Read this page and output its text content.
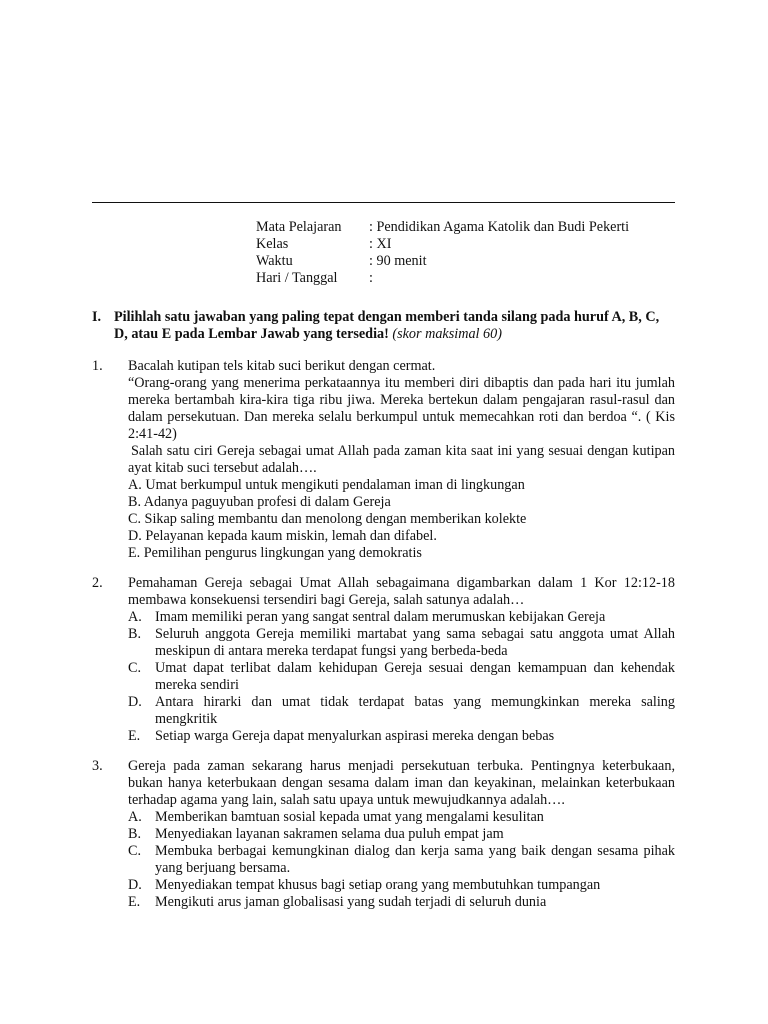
Mata Pelajaran	: Pendidikan Agama Katolik dan Budi Pekerti
Kelas	: XI
Waktu	: 90 menit
Hari / Tanggal	:
I. Pilihlah satu jawaban yang paling tepat dengan memberi tanda silang pada huruf A, B, C, D, atau E pada Lembar Jawab yang tersedia! (skor maksimal 60)
1. Bacalah kutipan tels kitab suci berikut dengan cermat.

“Orang-orang yang menerima perkataannya itu memberi diri dibaptis dan pada hari itu jumlah mereka bertambah kira-kira tiga ribu jiwa. Mereka bertekun dalam pengajaran rasul-rasul dan dalam persekutuan. Dan mereka selalu berkumpul untuk memecahkan roti dan berdoa “. ( Kis 2:41-42)

Salah satu ciri Gereja sebagai umat Allah pada zaman kita saat ini yang sesuai dengan kutipan ayat kitab suci tersebut adalah….

A. Umat berkumpul untuk mengikuti pendalaman iman di lingkungan

B. Adanya paguyuban profesi di dalam Gereja

C. Sikap saling membantu dan menolong dengan memberikan kolekte

D. Pelayanan kepada kaum miskin, lemah dan difabel.

E. Pemilihan pengurus lingkungan yang demokratis

2. Pemahaman Gereja sebagai Umat Allah sebagaimana digambarkan dalam 1 Kor 12:12-18 membawa konsekuensi tersendiri bagi Gereja, salah satunya adalah…

A. Imam memiliki peran yang sangat sentral dalam merumuskan kebijakan Gereja
B. Seluruh anggota Gereja memiliki martabat yang sama sebagai satu anggota umat Allah meskipun di antara mereka terdapat fungsi yang berbeda-beda
C. Umat dapat terlibat dalam kehidupan Gereja sesuai dengan kemampuan dan kehendak mereka sendiri
D. Antara hirarki dan umat tidak terdapat batas yang memungkinkan mereka saling mengkritik
E.	Setiap warga Gereja dapat menyalurkan aspirasi mereka dengan bebas
3. Gereja pada zaman sekarang harus menjadi persekutuan terbuka. Pentingnya keterbukaan, bukan hanya keterbukaan dengan sesama dalam iman dan keyakinan, melainkan keterbukaan terhadap agama yang lain, salah satu upaya untuk mewujudkannya adalah….

A. Memberikan bamtuan sosial kepada umat yang mengalami kesulitan
B. Menyediakan layanan sakramen selama dua puluh empat jam
C. Membuka berbagai kemungkinan dialog dan kerja sama yang baik dengan sesama pihak yang berjuang bersama.
D. Menyediakan tempat khusus bagi setiap orang yang membutuhkan tumpangan
E.	Mengikuti arus jaman globalisasi yang sudah terjadi di seluruh dunia
